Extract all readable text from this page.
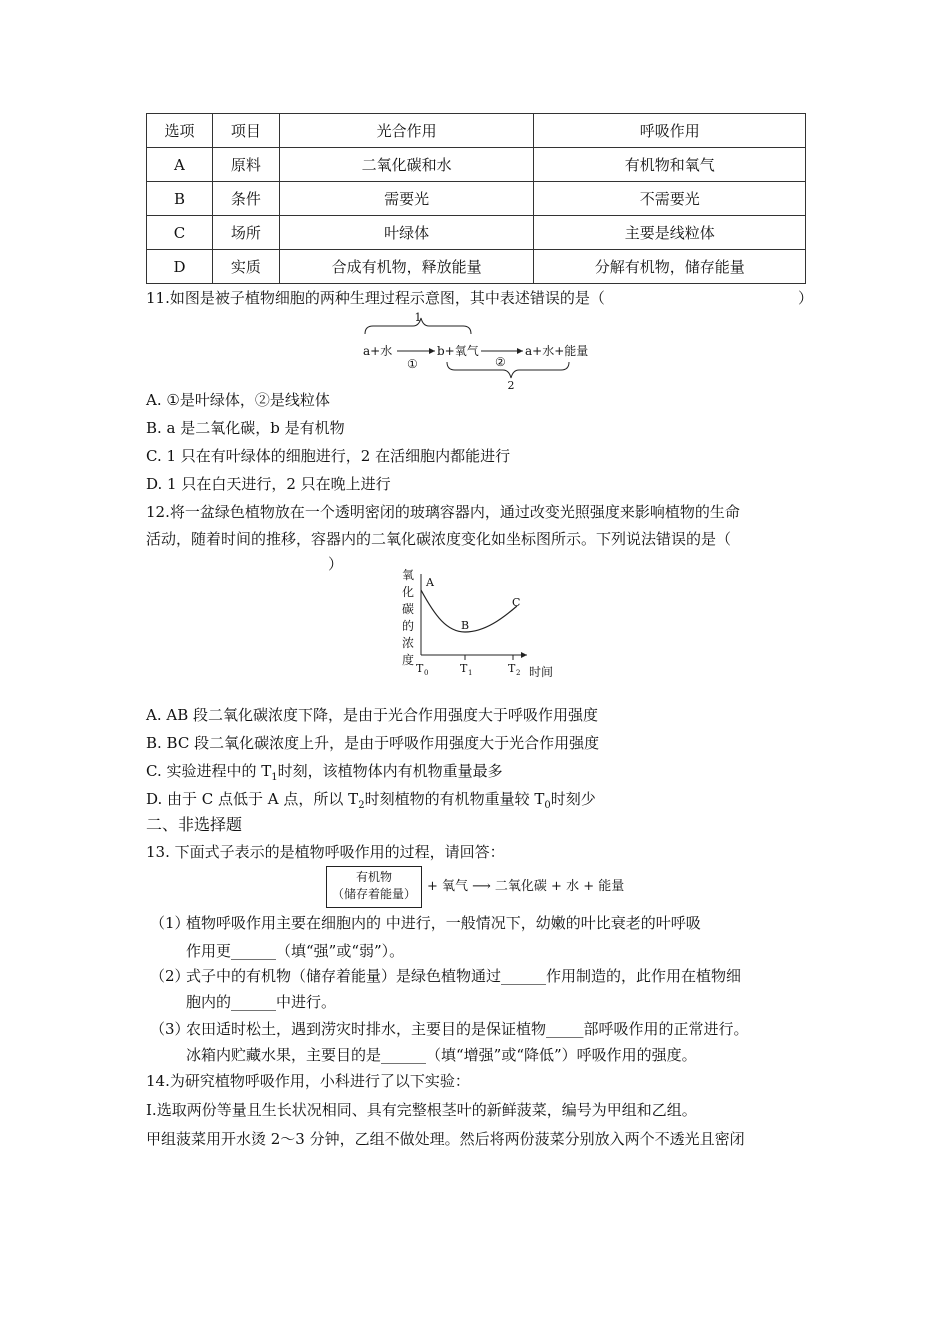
选项	项目	光合作用	呼吸作用
A	原料	二氧化碳和水	有机物和氧气
B	条件	需要光	不需要光
C	场所	叶绿体	主要是线粒体
D	实质	合成有机物，释放能量	分解有机物，储存能量
11.如图是被子植物细胞的两种生理过程示意图，其中表述错误的是（	）
1
a+水
①
b+氧气
②
a+水+能量
2
A. ①是叶绿体，②是线粒体
B. a 是二氧化碳，b 是有机物
C. 1 只在有叶绿体的细胞进行，2 在活细胞内都能进行
D. 1 只在白天进行，2 只在晚上进行
12.将一盆绿色植物放在一个透明密闭的玻璃容器内，通过改变光照强度来影响植物的生命
活动，随着时间的推移，容器内的二氧化碳浓度变化如坐标图所示。下列说法错误的是（
）
氧
化
碳
的
浓
度
A
B
C
T 0	T 1	T 2 时间
A. AB 段二氧化碳浓度下降，是由于光合作用强度大于呼吸作用强度
B. BC 段二氧化碳浓度上升，是由于呼吸作用强度大于光合作用强度
C. 实验进程中的 $T_1$时刻，该植物体内有机物重量最多
D. 由于 C 点低于 A 点，所以 $T_2$时刻植物的有机物重量较 $T_0$时刻少
二、非选择题
13. 下面式子表示的是植物呼吸作用的过程，请回答：
有机物
（储存着能量） + 氧气 ⟶ 二氧化碳 + 水 + 能量
（1）
植物呼吸作用主要在细胞内的 中进行，一般情况下，幼嫩的叶比衰老的叶呼吸
作用更______（填“强”或“弱”）。
（2）
式子中的有机物（储存着能量）是绿色植物通过______作用制造的，此作用在植物细
胞内的______中进行。
（3）
农田适时松土，遇到涝灾时排水，主要目的是保证植物_____部呼吸作用的正常进行。
冰箱内贮藏水果，主要目的是______（填“增强”或“降低”）呼吸作用的强度。
14.为研究植物呼吸作用，小科进行了以下实验：
Ⅰ.选取两份等量且生长状况相同、具有完整根茎叶的新鲜菠菜，编号为甲组和乙组。
甲组菠菜用开水烫 2～3 分钟，乙组不做处理。然后将两份菠菜分别放入两个不透光且密闭
